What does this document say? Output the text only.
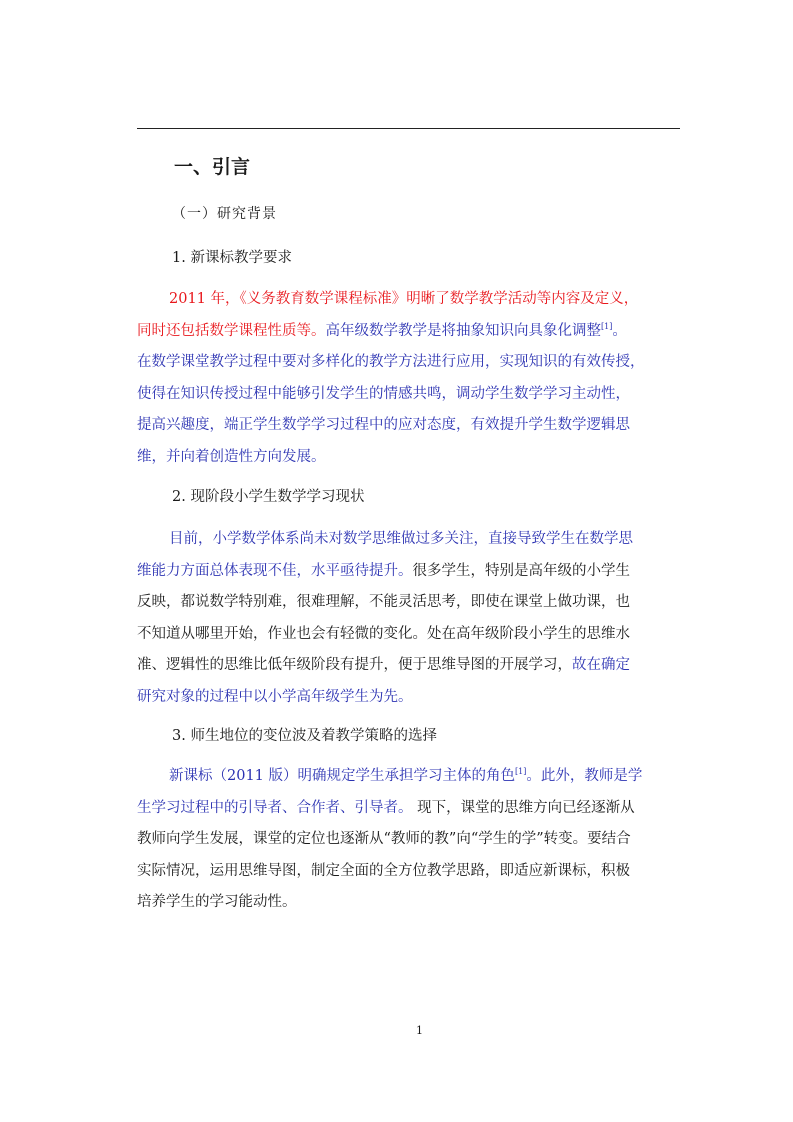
一、引言
（一）研究背景
1. 新课标教学要求
2011 年，《义务教育数学课程标准》明晰了数学教学活动等内容及定义，
同时还包括数学课程性质等。高年级数学教学是将抽象知识向具象化调整[1]。
在数学课堂教学过程中要对多样化的教学方法进行应用，实现知识的有效传授，
使得在知识传授过程中能够引发学生的情感共鸣，调动学生数学学习主动性，
提高兴趣度，端正学生数学学习过程中的应对态度，有效提升学生数学逻辑思
维，并向着创造性方向发展。
2. 现阶段小学生数学学习现状
目前，小学数学体系尚未对数学思维做过多关注，直接导致学生在数学思
维能力方面总体表现不佳，水平亟待提升。很多学生，特别是高年级的小学生
反映，都说数学特别难，很难理解，不能灵活思考，即使在课堂上做功课，也
不知道从哪里开始，作业也会有轻微的变化。处在高年级阶段小学生的思维水
准、逻辑性的思维比低年级阶段有提升，便于思维导图的开展学习，故在确定
研究对象的过程中以小学高年级学生为先。
3. 师生地位的变位波及着教学策略的选择
新课标（2011 版）明确规定学生承担学习主体的角色[1]。此外，教师是学
生学习过程中的引导者、合作者、引导者。 现下，课堂的思维方向已经逐渐从
教师向学生发展，课堂的定位也逐渐从“教师的教”向“学生的学”转变。要结合
实际情况，运用思维导图，制定全面的全方位教学思路，即适应新课标，积极
培养学生的学习能动性。
1
